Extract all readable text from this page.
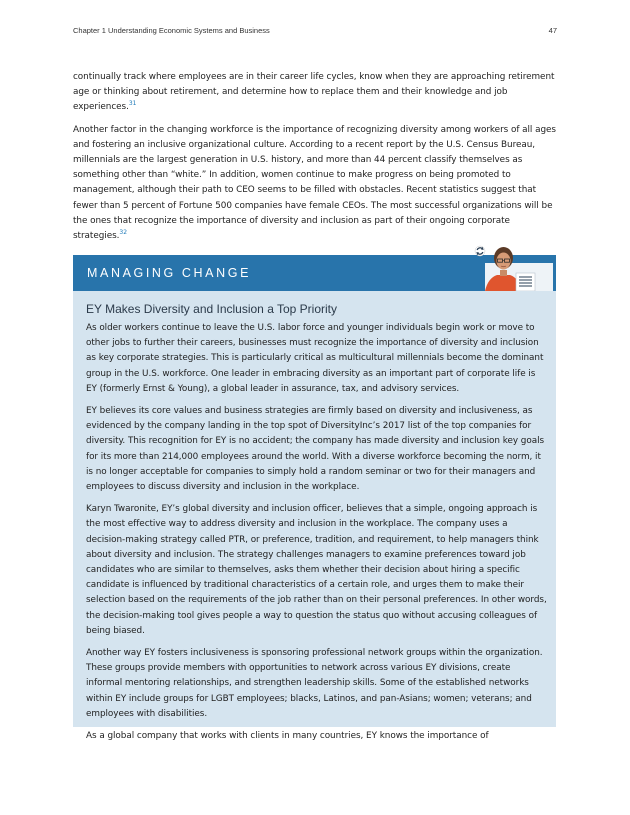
Chapter 1 Understanding Economic Systems and Business	47

continually track where employees are in their career life cycles, know when they are approaching retirement age or thinking about retirement, and determine how to replace them and their knowledge and job experiences.$^{31}$

Another factor in the changing workforce is the importance of recognizing diversity among workers of all ages and fostering an inclusive organizational culture. According to a recent report by the U.S. Census Bureau, millennials are the largest generation in U.S. history, and more than 44 percent classify themselves as something other than “white.” In addition, women continue to make progress on being promoted to management, although their path to CEO seems to be filled with obstacles. Recent statistics suggest that fewer than 5 percent of Fortune 500 companies have female CEOs. The most successful organizations will be the ones that recognize the importance of diversity and inclusion as part of their ongoing corporate strategies.$^{32}$

MANAGING CHANGE
EY Makes Diversity and Inclusion a Top Priority

As older workers continue to leave the U.S. labor force and younger individuals begin work or move to other jobs to further their careers, businesses must recognize the importance of diversity and inclusion as key corporate strategies. This is particularly critical as multicultural millennials become the dominant group in the U.S. workforce. One leader in embracing diversity as an important part of corporate life is EY (formerly Ernst & Young), a global leader in assurance, tax, and advisory services.

EY believes its core values and business strategies are firmly based on diversity and inclusiveness, as evidenced by the company landing in the top spot of DiversityInc’s 2017 list of the top companies for diversity. This recognition for EY is no accident; the company has made diversity and inclusion key goals for its more than 214,000 employees around the world. With a diverse workforce becoming the norm, it is no longer acceptable for companies to simply hold a random seminar or two for their managers and employees to discuss diversity and inclusion in the workplace.

Karyn Twaronite, EY’s global diversity and inclusion officer, believes that a simple, ongoing approach is the most effective way to address diversity and inclusion in the workplace. The company uses a decision-making strategy called PTR, or preference, tradition, and requirement, to help managers think about diversity and inclusion. The strategy challenges managers to examine preferences toward job candidates who are similar to themselves, asks them whether their decision about hiring a specific candidate is influenced by traditional characteristics of a certain role, and urges them to make their selection based on the requirements of the job rather than on their personal preferences. In other words, the decision-making tool gives people a way to question the status quo without accusing colleagues of being biased.

Another way EY fosters inclusiveness is sponsoring professional network groups within the organization. These groups provide members with opportunities to network across various EY divisions, create informal mentoring relationships, and strengthen leadership skills. Some of the established networks within EY include groups for LGBT employees; blacks, Latinos, and pan-Asians; women; veterans; and employees with disabilities.

As a global company that works with clients in many countries, EY knows the importance of
